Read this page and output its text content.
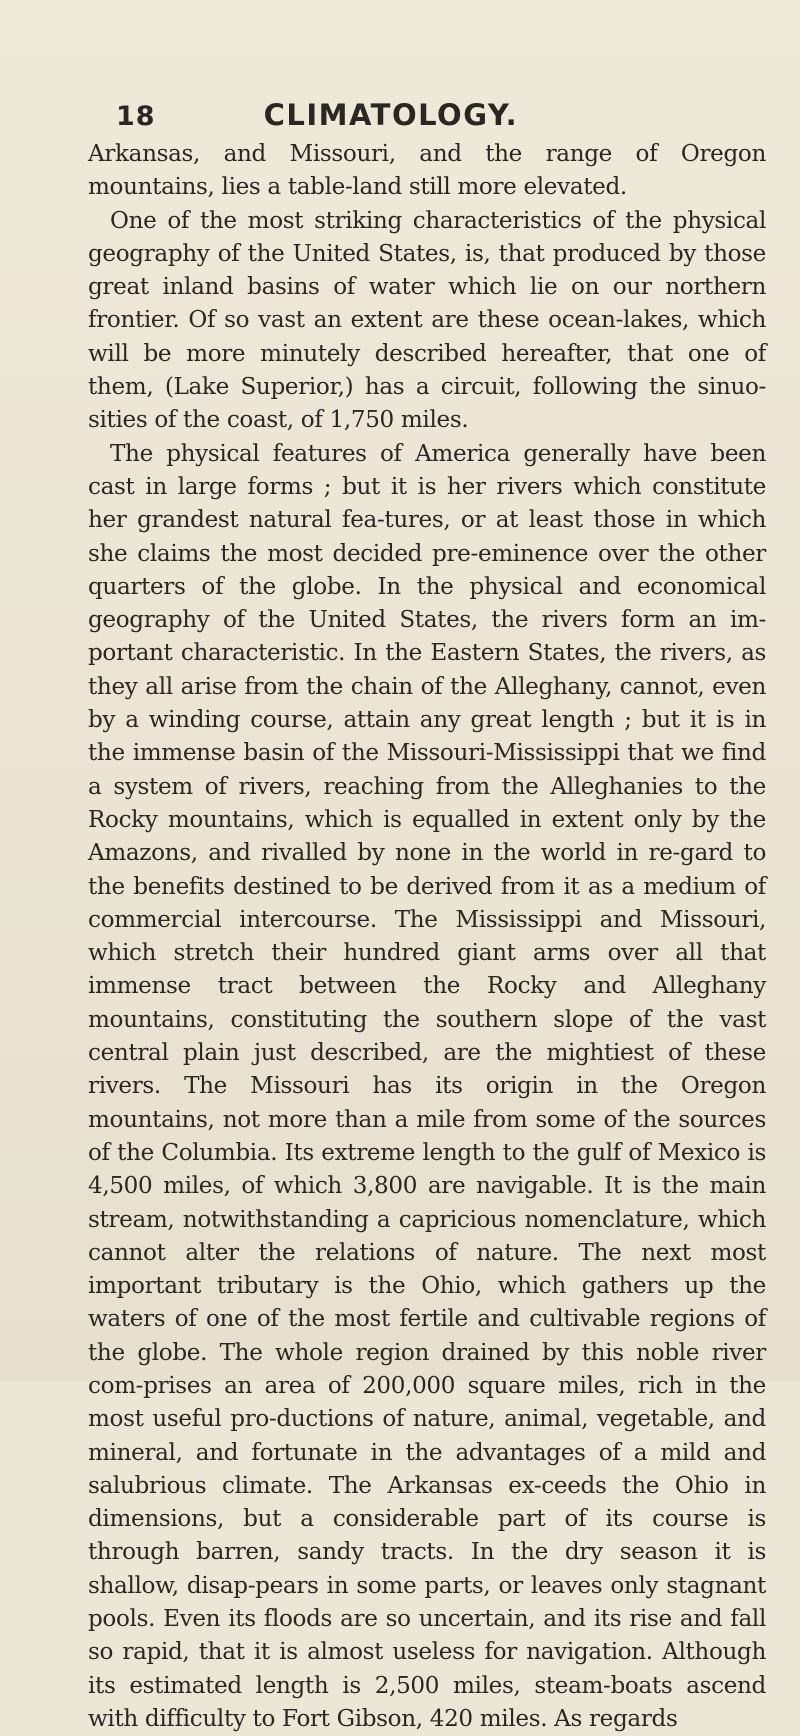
18	CLIMATOLOGY.

Arkansas, and Missouri, and the range of Oregon mountains, lies a table-land still more elevated.

One of the most striking characteristics of the physical geography of the United States, is, that produced by those great inland basins of water which lie on our northern frontier. Of so vast an extent are these ocean-lakes, which will be more minutely described hereafter, that one of them, (Lake Superior,) has a circuit, following the sinuo-sities of the coast, of 1,750 miles.

The physical features of America generally have been cast in large forms ; but it is her rivers which constitute her grandest natural fea-tures, or at least those in which she claims the most decided pre-eminence over the other quarters of the globe. In the physical and economical geography of the United States, the rivers form an im-portant characteristic. In the Eastern States, the rivers, as they all arise from the chain of the Alleghany, cannot, even by a winding course, attain any great length ; but it is in the immense basin of the Missouri-Mississippi that we find a system of rivers, reaching from the Alleghanies to the Rocky mountains, which is equalled in extent only by the Amazons, and rivalled by none in the world in re-gard to the benefits destined to be derived from it as a medium of commercial intercourse. The Mississippi and Missouri, which stretch their hundred giant arms over all that immense tract between the Rocky and Alleghany mountains, constituting the southern slope of the vast central plain just described, are the mightiest of these rivers. The Missouri has its origin in the Oregon mountains, not more than a mile from some of the sources of the Columbia. Its extreme length to the gulf of Mexico is 4,500 miles, of which 3,800 are navigable. It is the main stream, notwithstanding a capricious nomenclature, which cannot alter the relations of nature. The next most important tributary is the Ohio, which gathers up the waters of one of the most fertile and cultivable regions of the globe. The whole region drained by this noble river com-prises an area of 200,000 square miles, rich in the most useful pro-ductions of nature, animal, vegetable, and mineral, and fortunate in the advantages of a mild and salubrious climate. The Arkansas ex-ceeds the Ohio in dimensions, but a considerable part of its course is through barren, sandy tracts. In the dry season it is shallow, disap-pears in some parts, or leaves only stagnant pools. Even its floods are so uncertain, and its rise and fall so rapid, that it is almost useless for navigation. Although its estimated length is 2,500 miles, steam-boats ascend with difficulty to Fort Gibson, 420 miles. As regards
